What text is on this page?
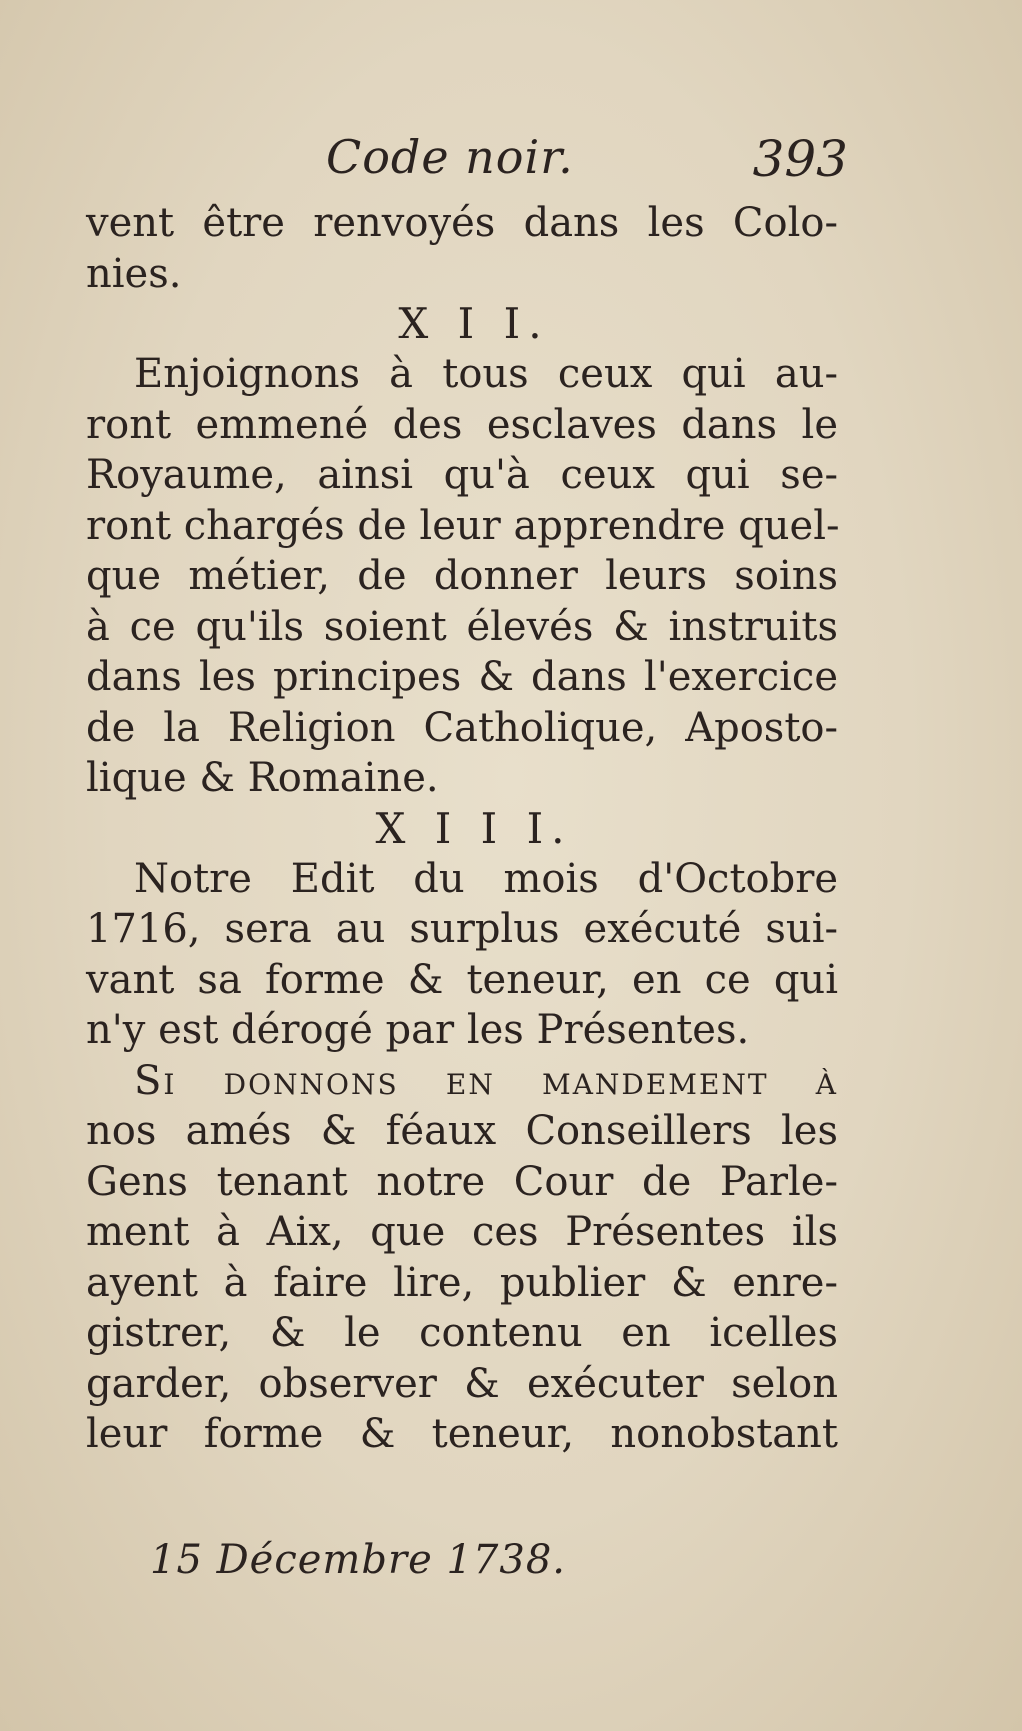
Code noir.	393
vent être renvoyés dans les Colo-
nies.
X I I.
Enjoignons à tous ceux qui au-
ront emmené des esclaves dans le
Royaume, ainsi qu'à ceux qui se-
ront chargés de leur apprendre quel-
que métier, de donner leurs soins
à ce qu'ils soient élevés & instruits
dans les principes & dans l'exercice
de la Religion Catholique, Aposto-
lique & Romaine.
X I I I.
Notre Edit du mois d'Octobre
1716, sera au surplus exécuté sui-
vant sa forme & teneur, en ce qui
n'y est dérogé par les Présentes.
Si donnons en mandement à
nos amés & féaux Conseillers les
Gens tenant notre Cour de Parle-
ment à Aix, que ces Présentes ils
ayent à faire lire, publier & enre-
gistrer, & le contenu en icelles
garder, observer & exécuter selon
leur forme & teneur, nonobstant
15 Décembre 1738.
